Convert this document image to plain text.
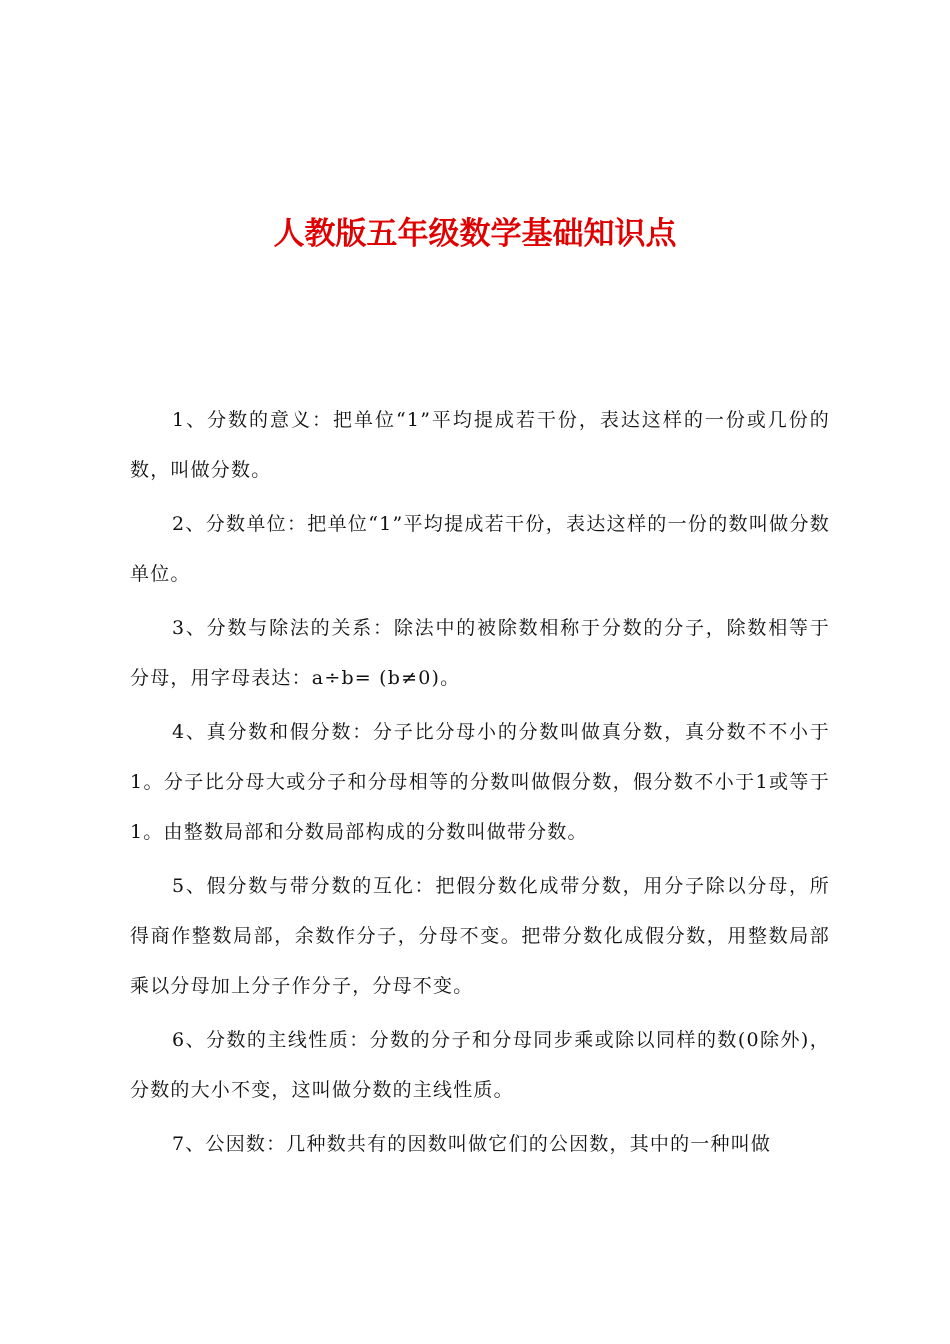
人教版五年级数学基础知识点

1、分数的意义：把单位“1”平均提成若干份，表达这样的一份或几份的数，叫做分数。

2、分数单位：把单位“1”平均提成若干份，表达这样的一份的数叫做分数单位。

3、分数与除法的关系：除法中的被除数相称于分数的分子，除数相等于分母，用字母表达：a÷b= (b≠0)。

4、真分数和假分数：分子比分母小的分数叫做真分数，真分数不不小于1。分子比分母大或分子和分母相等的分数叫做假分数，假分数不小于1或等于1。由整数局部和分数局部构成的分数叫做带分数。

5、假分数与带分数的互化：把假分数化成带分数，用分子除以分母，所得商作整数局部，余数作分子，分母不变。把带分数化成假分数，用整数局部乘以分母加上分子作分子，分母不变。

6、分数的主线性质：分数的分子和分母同步乘或除以同样的数(0除外)，分数的大小不变，这叫做分数的主线性质。

7、公因数：几种数共有的因数叫做它们的公因数，其中的一种叫做
